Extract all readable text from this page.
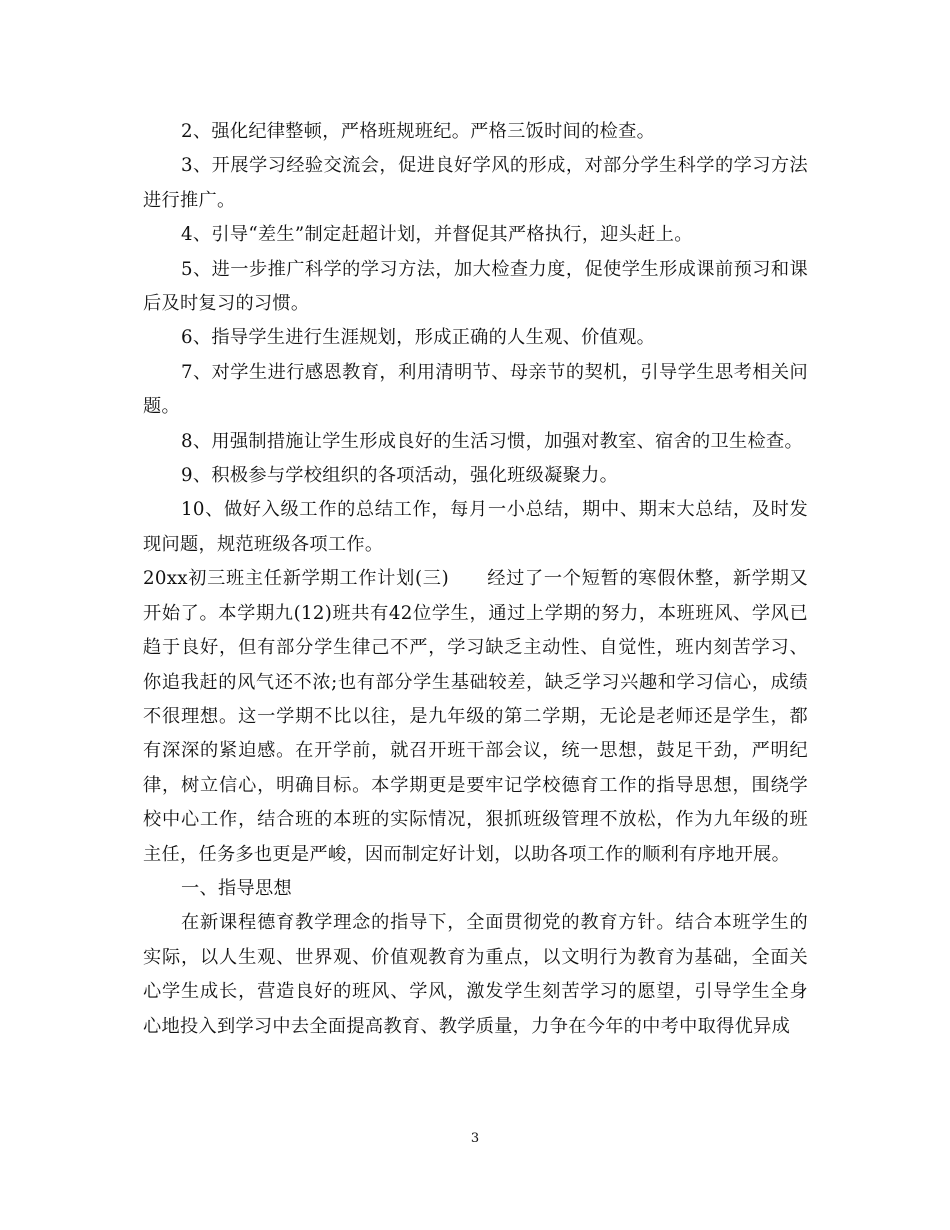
2、强化纪律整顿，严格班规班纪。严格三饭时间的检查。

3、开展学习经验交流会，促进良好学风的形成，对部分学生科学的学习方法进行推广。

4、引导“差生”制定赶超计划，并督促其严格执行，迎头赶上。

5、进一步推广科学的学习方法，加大检查力度，促使学生形成课前预习和课后及时复习的习惯。

6、指导学生进行生涯规划，形成正确的人生观、价值观。

7、对学生进行感恩教育，利用清明节、母亲节的契机，引导学生思考相关问题。

8、用强制措施让学生形成良好的生活习惯，加强对教室、宿舍的卫生检查。

9、积极参与学校组织的各项活动，强化班级凝聚力。

10、做好入级工作的总结工作，每月一小总结，期中、期末大总结，及时发现问题，规范班级各项工作。

20xx初三班主任新学期工作计划(三)　　经过了一个短暂的寒假休整，新学期又开始了。本学期九(12)班共有42位学生，通过上学期的努力，本班班风、学风已趋于良好，但有部分学生律己不严，学习缺乏主动性、自觉性，班内刻苦学习、你追我赶的风气还不浓;也有部分学生基础较差，缺乏学习兴趣和学习信心，成绩不很理想。这一学期不比以往，是九年级的第二学期，无论是老师还是学生，都有深深的紧迫感。在开学前，就召开班干部会议，统一思想，鼓足干劲，严明纪律，树立信心，明确目标。本学期更是要牢记学校德育工作的指导思想，围绕学校中心工作，结合班的本班的实际情况，狠抓班级管理不放松，作为九年级的班主任，任务多也更是严峻，因而制定好计划，以助各项工作的顺利有序地开展。

一、指导思想

在新课程德育教学理念的指导下，全面贯彻党的教育方针。结合本班学生的实际，以人生观、世界观、价值观教育为重点，以文明行为教育为基础，全面关心学生成长，营造良好的班风、学风，激发学生刻苦学习的愿望，引导学生全身心地投入到学习中去全面提高教育、教学质量，力争在今年的中考中取得优异成

3
